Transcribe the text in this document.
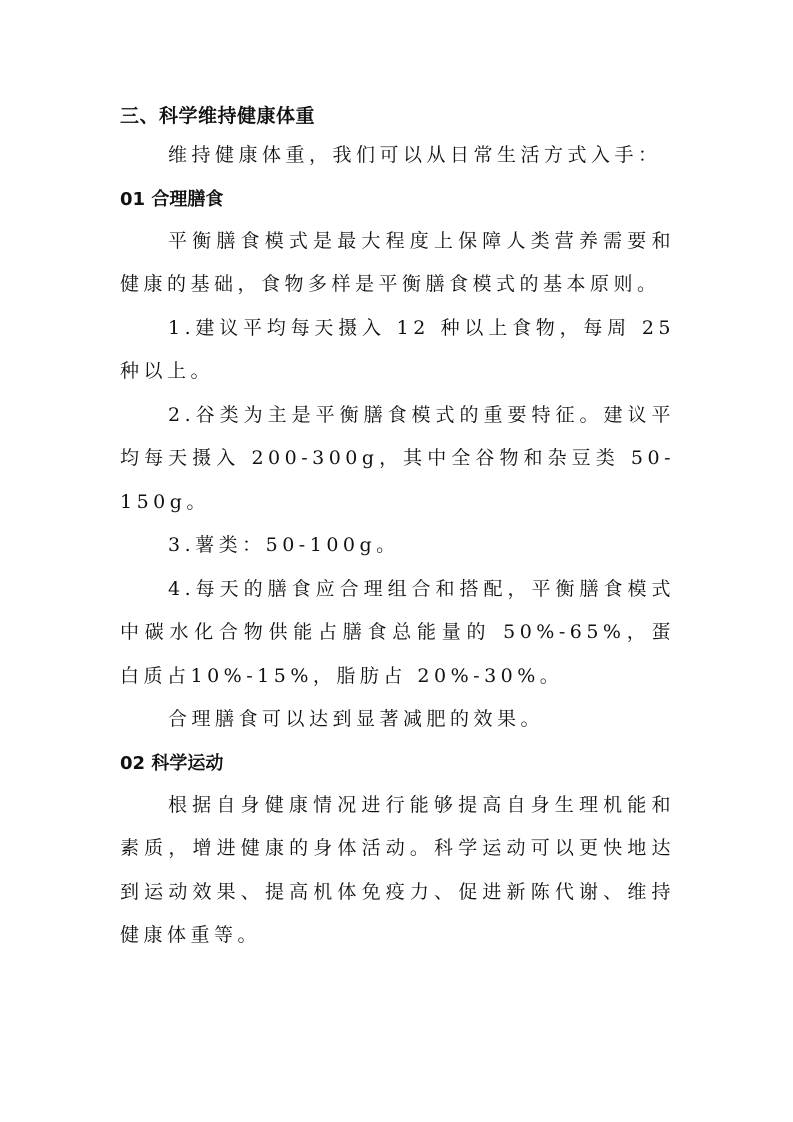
三、科学维持健康体重

维持健康体重，我们可以从日常生活方式入手：

01 合理膳食

平衡膳食模式是最大程度上保障人类营养需要和健康的基础，食物多样是平衡膳食模式的基本原则。

1.建议平均每天摄入 12 种以上食物，每周 25 种以上。

2.谷类为主是平衡膳食模式的重要特征。建议平均每天摄入 200-300g，其中全谷物和杂豆类 50-150g。

3.薯类：50-100g。

4.每天的膳食应合理组合和搭配，平衡膳食模式中碳水化合物供能占膳食总能量的 50%-65%，蛋白质占10%-15%，脂肪占 20%-30%。

合理膳食可以达到显著减肥的效果。

02 科学运动

根据自身健康情况进行能够提高自身生理机能和素质，增进健康的身体活动。科学运动可以更快地达到运动效果、提高机体免疫力、促进新陈代谢、维持健康体重等。
